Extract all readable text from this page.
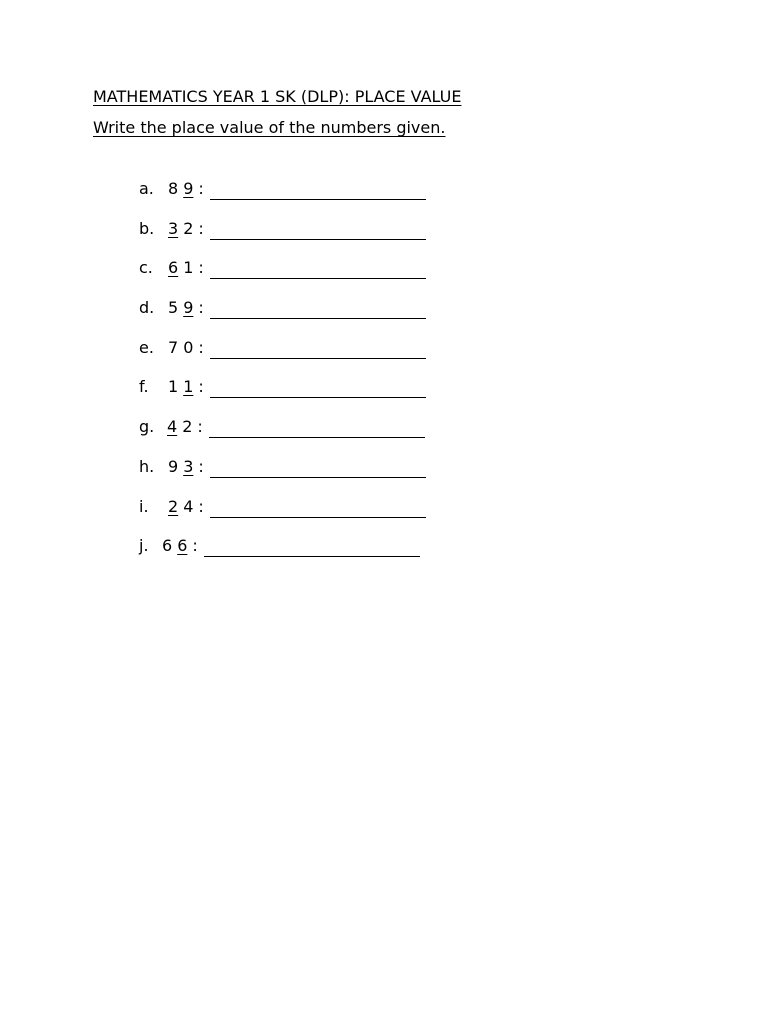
MATHEMATICS YEAR 1 SK (DLP): PLACE VALUE
Write the place value of the numbers given.
a. 8 9 :
b. 3 2 :
c. 6 1 :
d. 5 9 :
e. 7 0 :
f. 1 1 :
g. 4 2 :
h. 9 3 :
i. 2 4 :
j. 6 6 :
